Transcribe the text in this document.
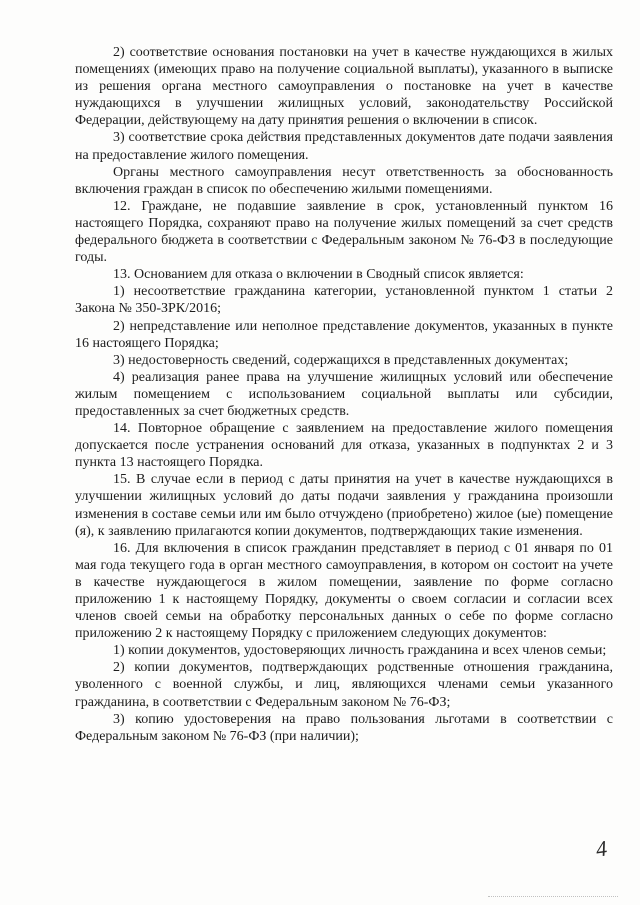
2) соответствие основания постановки на учет в качестве нуждающихся в жилых помещениях (имеющих право на получение социальной выплаты), указанного в выписке из решения органа местного самоуправления о постановке на учет в качестве нуждающихся в улучшении жилищных условий, законодательству Российской Федерации, действующему на дату принятия решения о включении в список.

3) соответствие срока действия представленных документов дате подачи заявления на предоставление жилого помещения.

Органы местного самоуправления несут ответственность за обоснованность включения граждан в список по обеспечению жилыми помещениями.

12. Граждане, не подавшие заявление в срок, установленный пунктом 16 настоящего Порядка, сохраняют право на получение жилых помещений за счет средств федерального бюджета в соответствии с Федеральным законом № 76-ФЗ в последующие годы.

13. Основанием для отказа о включении в Сводный список является:

1) несоответствие гражданина категории, установленной пунктом 1 статьи 2 Закона № 350-ЗРК/2016;

2) непредставление или неполное представление документов, указанных в пункте 16 настоящего Порядка;

3) недостоверность сведений, содержащихся в представленных документах;

4) реализация ранее права на улучшение жилищных условий или обеспечение жилым помещением с использованием социальной выплаты или субсидии, предоставленных за счет бюджетных средств.

14. Повторное обращение с заявлением на предоставление жилого помещения допускается после устранения оснований для отказа, указанных в подпунктах 2 и 3 пункта 13 настоящего Порядка.

15. В случае если в период с даты принятия на учет в качестве нуждающихся в улучшении жилищных условий до даты подачи заявления у гражданина произошли изменения в составе семьи или им было отчуждено (приобретено) жилое (ые) помещение (я), к заявлению прилагаются копии документов, подтверждающих такие изменения.

16. Для включения в список гражданин представляет в период с 01 января по 01 мая года текущего года в орган местного самоуправления, в котором он состоит на учете в качестве нуждающегося в жилом помещении, заявление по форме согласно приложению 1 к настоящему Порядку, документы о своем согласии и согласии всех членов своей семьи на обработку персональных данных о себе по форме согласно приложению 2 к настоящему Порядку с приложением следующих документов:

1) копии документов, удостоверяющих личность гражданина и всех членов семьи;

2) копии документов, подтверждающих родственные отношения гражданина, уволенного с военной службы, и лиц, являющихся членами семьи указанного гражданина, в соответствии с Федеральным законом № 76-ФЗ;

3) копию удостоверения на право пользования льготами в соответствии с Федеральным законом № 76-ФЗ (при наличии);

4
